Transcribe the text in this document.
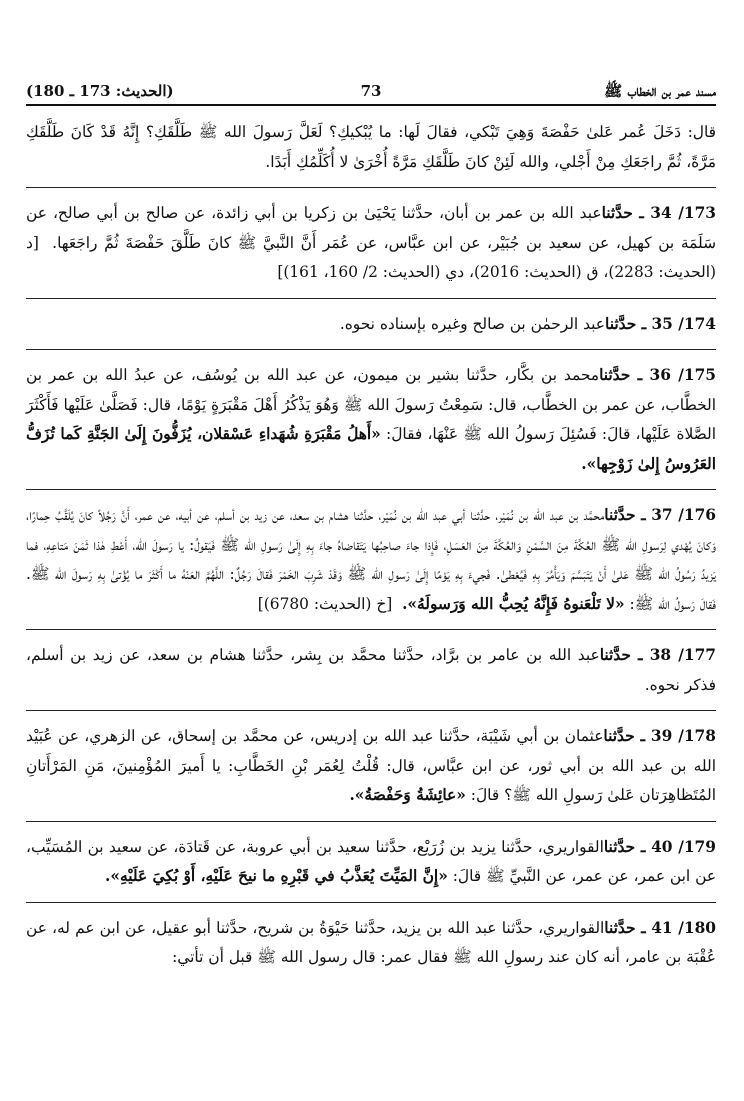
مسند عمر بن الخطاب ﷺ
73
(الحديث: 173 ـ 180)

قال: دَخَلَ عُمر عَلىٰ حَفْصَةَ وَهِيَ تَبْكي، فقالَ لَها: ما يُبْكيكِ؟ لَعَلَّ رَسولَ الله ﷺ طَلَّقَكِ؟ إِنَّهُ قَدْ كَانَ طَلَّقَكِ مَرَّةً، ثُمَّ راجَعَكِ مِنْ أَجْلي، والله لَئِنْ كانَ طَلَّقَكِ مَرَّةً أُخْرَىٰ لا أُكَلِّمُكِ أَبَدًا.

173/ 34 ـ حدَّثناعبد الله بن عمر بن أبان، حدَّثنا يَحْيَىٰ بن زكريا بن أبي زائدة، عن صالح بن أبي صالح، عن سَلَمَة بن كهيل، عن سعيد بن جُبَيْر، عن ابن عبَّاس، عن عُمَر أَنَّ النَّبيَّ ﷺ كانَ طَلَّقَ حَفْصَةَ ثُمَّ راجَعَها.  [د (الحديث: 2283)، ق (الحديث: 2016)، دي (الحديث: 2/ 160، 161)]

174/ 35 ـ حدَّثناعبد الرحمٰن بن صالح وغيره بإسناده نحوه.

175/ 36 ـ حدَّثنامحمد بن بكَّار، حدَّثنا بشير بن ميمون، عن عبد الله بن يُوسُف، عن عبدُ الله بن عمر بن الخطَّاب، عن عمر بن الخطَّاب، قال: سَمِعْتُ رَسولَ الله ﷺ وَهُوَ يَذْكُرُ أَهْلَ مَقْبَرَةٍ يَوْمًا، قال: فَصَلَّىٰ عَلَيْها فَأَكْثَرَ الصَّلاة عَلَيْها، قالَ: فَسُئِلَ رَسولُ الله ﷺ عَنْهَا، فقالَ: «أَهلُ مَقْبَرَةِ شُهَداءِ عَسْقلان، يُزَفُّونَ إِلَىٰ الجَنَّةِ كَما تُزَفُّ العَرُوسُ إِلىٰ زَوْجِها».

176/ 37 ـ حدَّثنامحمَّد بن عبد الله بن نُمَيْر، حدَّثنا أبي عبد الله بن نُمَيْر، حدَّثنا هشام بن سعد، عن زيد بن أسلم، عن أبيه، عن عمر، أَنَّ رَجُلاً كانَ يُلَقَّبُ حِمارًا، وَكانَ يُهْدي لِرَسولِ الله ﷺ العُكَّةَ مِنَ السَّمْنِ وَالعُكَّةَ مِنَ العَسَلِ، فَإِذا جاءَ صاحِبُها يَتَقاضاهُ جاءَ بِهِ إِلَىٰ رَسولِ الله ﷺ فَيَقولُ: يا رَسولَ الله، أَعْطِ هٰذا ثَمَنَ مَتاعِهِ، فما يَزيدُ رَسُولُ الله ﷺ عَلىٰ أَنْ يَتَبَسَّمَ وَيَأْمُرَ بِهِ فَيُعْطىٰ. فَجيءَ بِهِ يَوْمًا إِلَىٰ رَسولِ الله ﷺ وَقَدْ شَرِبَ الخَمْرَ فَقالَ رَجُلٌ: اللَّهُمَّ العَنْهُ ما أَكْثَرَ ما يُؤْتىٰ بِهِ رَسولَ الله ﷺ. فَقالَ رَسولُ الله ﷺ: «لا تَلْعَنوهُ فَإِنَّهُ يُحِبُّ الله وَرَسولَهُ».  [خ (الحديث: 6780)]

177/ 38 ـ حدَّثناعبد الله بن عامر بن برَّاد، حدَّثنا محمَّد بن بِشر، حدَّثنا هشام بن سعد، عن زيد بن أسلم، فذكر نحوه.

178/ 39 ـ حدَّثناعثمان بن أبي شَيْبَة، حدَّثنا عبد الله بن إدريس، عن محمَّد بن إسحاق، عن الزهري، عن عُبَيْد الله بن عبد الله بن أبي ثور، عن ابن عبَّاس، قال: قُلْتُ لِعُمَر بْنِ الخَطَّابِ: يا أَميرَ المُؤْمِنينَ، مَنِ المَرْأَتانِ المُتَظاهِرَتان عَلىٰ رَسولِ الله ﷺ؟ قالَ: «عائِشَةُ وَحَفْصَةُ».

179/ 40 ـ حدَّثناالقواريري، حدَّثنا يزيد بن زُرَيْع، حدَّثنا سعيد بن أبي عروبة، عن قَتادَة، عن سعيد بن المُسَيِّب، عن ابن عمر، عن عمر، عن النَّبيِّ ﷺ قالَ: «إِنَّ المَيِّتَ يُعَذَّبُ في قَبْرِهِ ما نيحَ عَلَيْهِ، أَوْ بُكِيَ عَلَيْهِ».

180/ 41 ـ حدَّثناالقواريري، حدَّثنا عبد الله بن يزيد، حدَّثنا حَيْوَةُ بن شريح، حدَّثنا أبو عقيل، عن ابن عم له، عن عُقْبَة بن عامر، أنه كان عند رسولِ الله ﷺ فقال عمر: قال رسول الله ﷺ قبل أن تأتي:
